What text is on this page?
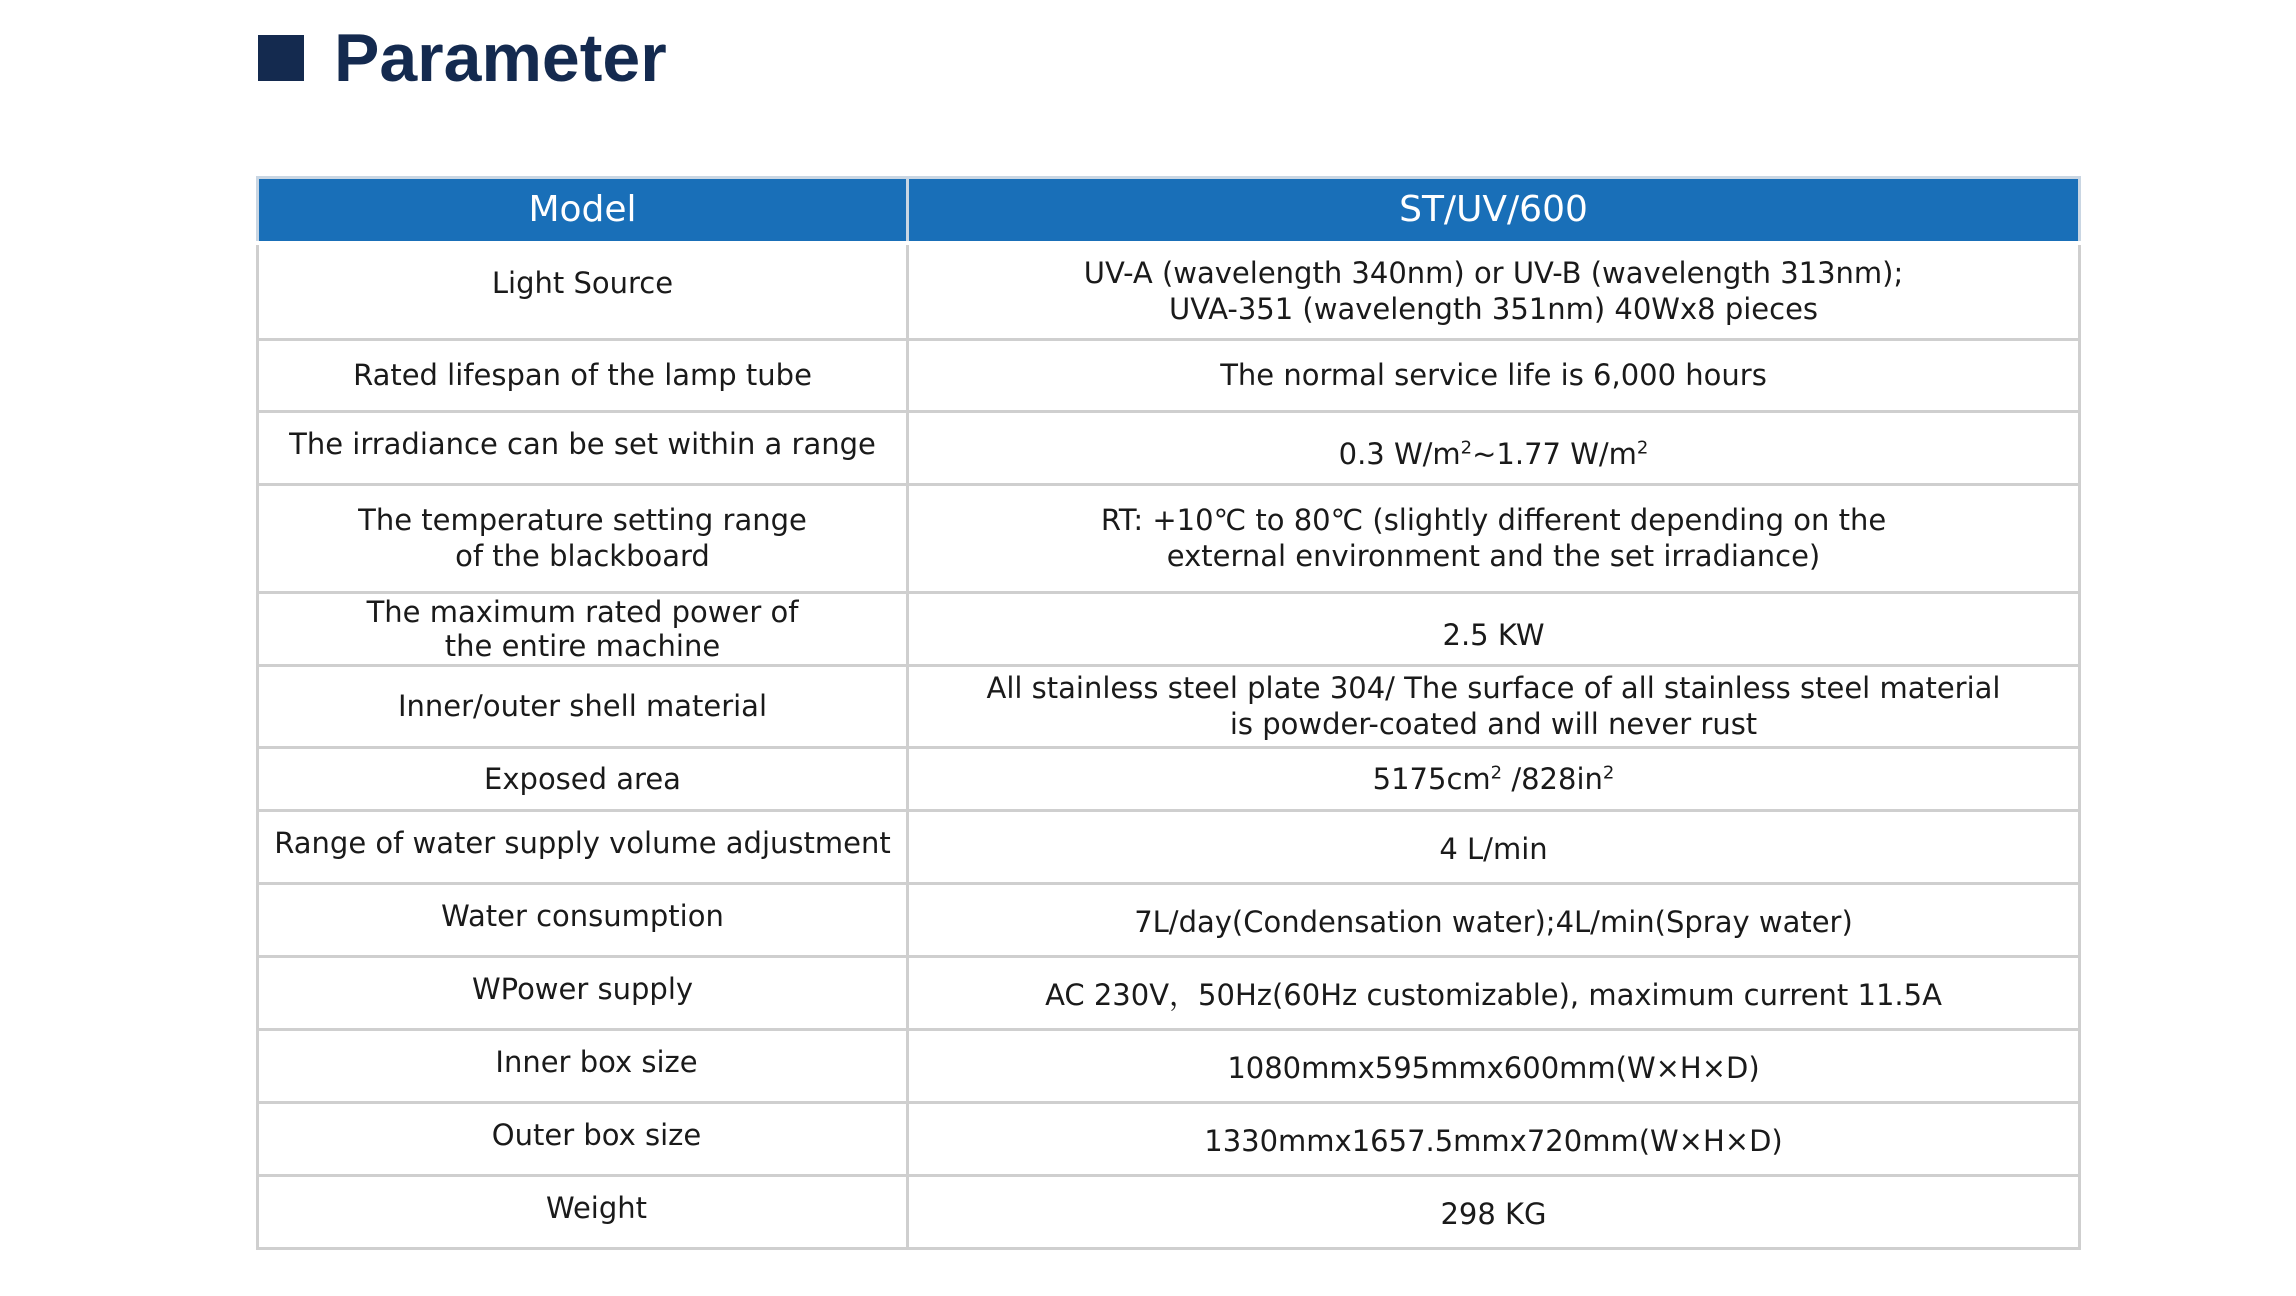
Parameter
Model	ST/UV/600
Light Source	UV-A (wavelength 340nm) or UV-B (wavelength 313nm);
UVA-351 (wavelength 351nm) 40Wx8 pieces

Rated lifespan of the lamp tube	The normal service life is 6,000 hours
The irradiance can be set within a range	0.3 $W/m^2\sim 1.77$ $W/m^2$

The temperature setting range
of the blackboard	RT: +10℃ to 80℃ (slightly different depending on the
external environment and the set irradiance)

The maximum rated power of
the entire machine	2.5 KW
Inner/outer shell material	All stainless steel plate 304/ The surface of all stainless steel material
is powder-coated and will never rust

Exposed area	$5175cm^2$ $/828in^2$
Range of water supply volume adjustment	4 L/min
Water consumption	7L/day(Condensation water);4L/min(Spray water)
WPower supply	AC 230V，50Hz(60Hz customizable), maximum current 11.5A
Inner box size	1080mmx595mmx600mm(W×H×D)
Outer box size	1330mmx1657.5mmx720mm(W×H×D)
Weight	298 KG
